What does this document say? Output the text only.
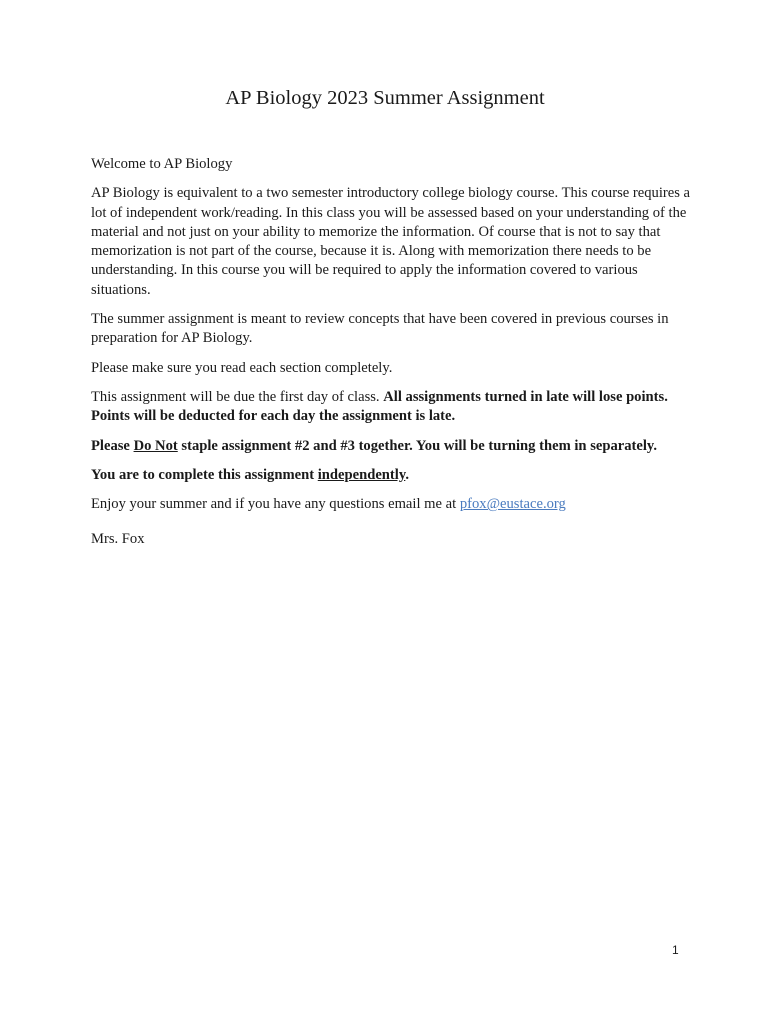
AP Biology 2023 Summer Assignment

Welcome to AP Biology

AP Biology is equivalent to a two semester introductory college biology course. This course requires a lot of independent work/reading. In this class you will be assessed based on your understanding of the material and not just on your ability to memorize the information. Of course that is not to say that memorization is not part of the course, because it is. Along with memorization there needs to be understanding. In this course you will be required to apply the information covered to various situations.

The summer assignment is meant to review concepts that have been covered in previous courses in preparation for AP Biology.

Please make sure you read each section completely.

This assignment will be due the first day of class. All assignments turned in late will lose points. Points will be deducted for each day the assignment is late.

Please Do Not staple assignment #2 and #3 together. You will be turning them in separately.

You are to complete this assignment independently.

Enjoy your summer and if you have any questions email me at pfox@eustace.org

Mrs. Fox

1
